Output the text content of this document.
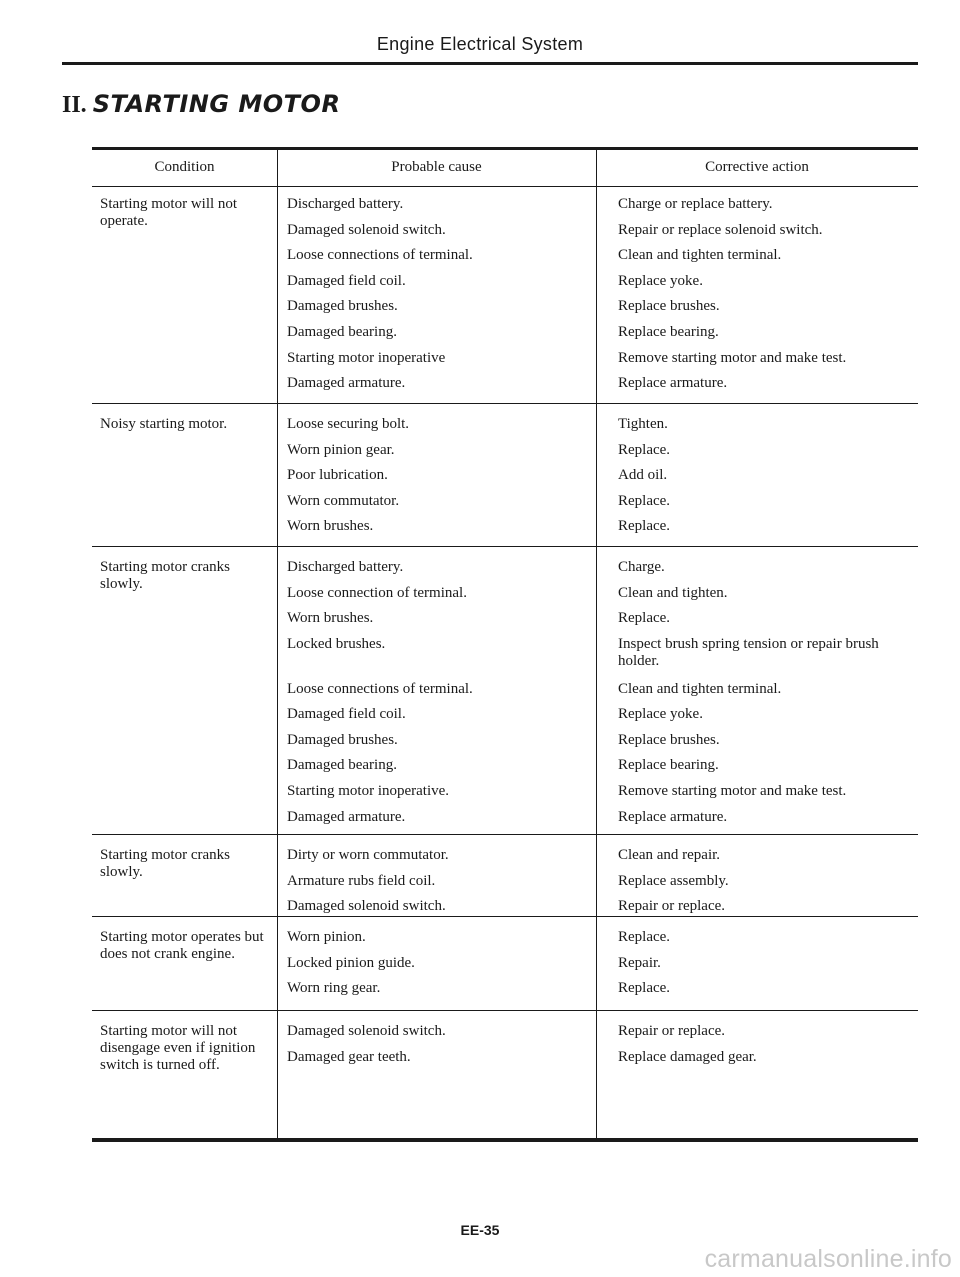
Engine Electrical System
II. STARTING MOTOR
Condition	Probable cause	Corrective action
Starting motor will not operate.
Discharged battery.	Charge or replace battery.
Damaged solenoid switch.	Repair or replace solenoid switch.
Loose connections of terminal.	Clean and tighten terminal.
Damaged field coil.	Replace yoke.
Damaged brushes.	Replace brushes.
Damaged bearing.	Replace bearing.
Starting motor inoperative	Remove starting motor and make test.
Damaged armature.	Replace armature.
Noisy starting motor.	Loose securing bolt.	Tighten.
Worn pinion gear.	Replace.
Poor lubrication.	Add oil.
Worn commutator.	Replace.
Worn brushes.	Replace.
Starting motor cranks slowly.
Discharged battery.	Charge.
Loose connection of terminal.	Clean and tighten.
Worn brushes.	Replace.
Locked brushes.	Inspect brush spring tension or repair brush holder.
Loose connections of terminal.	Clean and tighten terminal.
Damaged field coil.	Replace yoke.
Damaged brushes.	Replace brushes.
Damaged bearing.	Replace bearing.
Starting motor inoperative.	Remove starting motor and make test.
Damaged armature.	Replace armature.
Starting motor cranks slowly.
Dirty or worn commutator.	Clean and repair.
Armature rubs field coil.	Replace assembly.
Damaged solenoid switch.	Repair or replace.
Starting motor operates but does not crank engine.
Worn pinion.	Replace.
Locked pinion guide.	Repair.
Worn ring gear.	Replace.
Starting motor will not disengage even if ignition switch is turned off.
Damaged solenoid switch.	Repair or replace.
Damaged gear teeth.	Replace damaged gear.
EE-35
carmanualsonline.info
